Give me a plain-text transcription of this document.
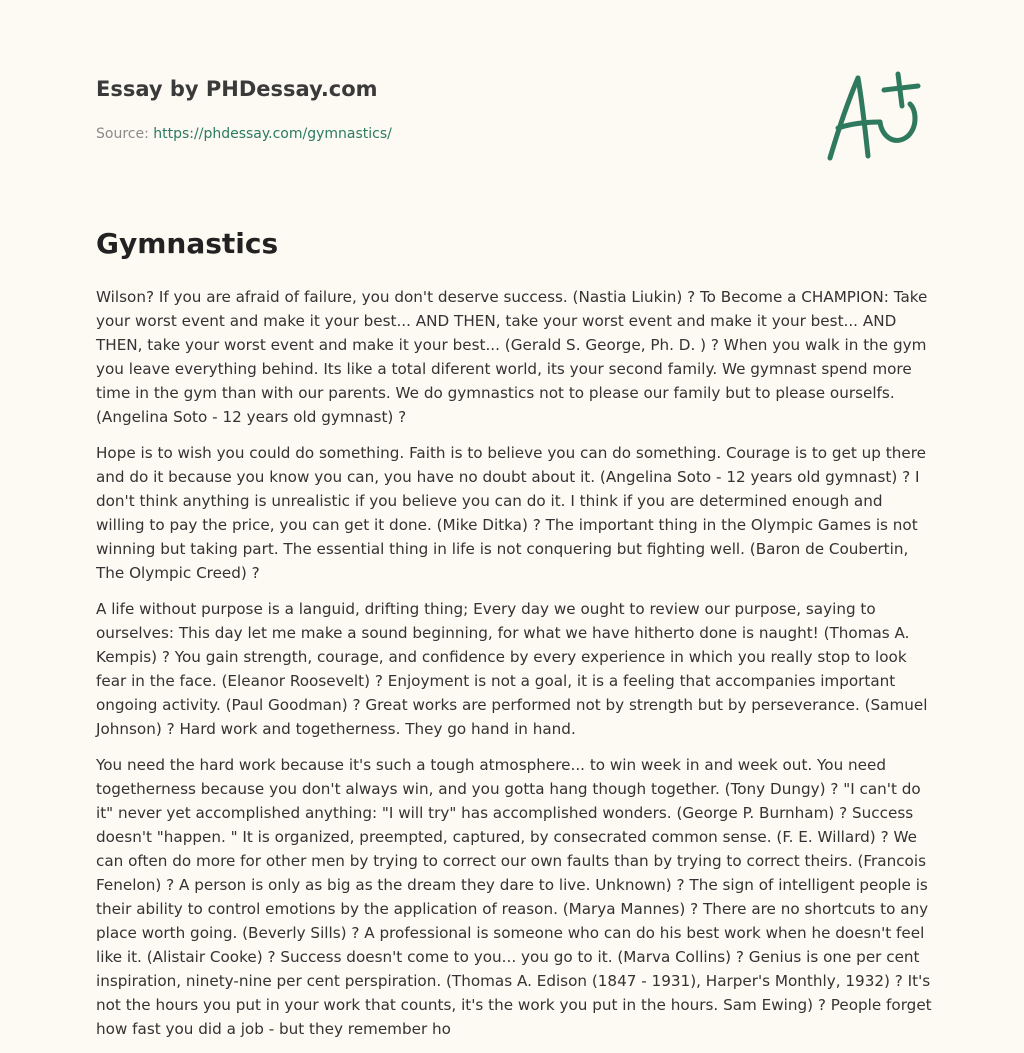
Essay by PHDessay.com
Source: https://phdessay.com/gymnastics/
Gymnastics

Wilson? If you are afraid of failure, you don't deserve success. (Nastia Liukin) ? To Become a CHAMPION: Take your worst event and make it your best... AND THEN, take your worst event and make it your best... AND THEN, take your worst event and make it your best... (Gerald S. George, Ph. D. ) ? When you walk in the gym you leave everything behind. Its like a total diferent world, its your second family. We gymnast spend more time in the gym than with our parents. We do gymnastics not to please our family but to please ourselfs. (Angelina Soto - 12 years old gymnast) ?

Hope is to wish you could do something. Faith is to believe you can do something. Courage is to get up there and do it because you know you can, you have no doubt about it. (Angelina Soto - 12 years old gymnast) ? I don't think anything is unrealistic if you believe you can do it. I think if you are determined enough and willing to pay the price, you can get it done. (Mike Ditka) ? The important thing in the Olympic Games is not winning but taking part. The essential thing in life is not conquering but fighting well. (Baron de Coubertin, The Olympic Creed) ?

A life without purpose is a languid, drifting thing; Every day we ought to review our purpose, saying to ourselves: This day let me make a sound beginning, for what we have hitherto done is naught! (Thomas A. Kempis) ? You gain strength, courage, and confidence by every experience in which you really stop to look fear in the face. (Eleanor Roosevelt) ? Enjoyment is not a goal, it is a feeling that accompanies important ongoing activity. (Paul Goodman) ? Great works are performed not by strength but by perseverance. (Samuel Johnson) ? Hard work and togetherness. They go hand in hand.

You need the hard work because it's such a tough atmosphere... to win week in and week out. You need togetherness because you don't always win, and you gotta hang though together. (Tony Dungy) ? "I can't do it" never yet accomplished anything: "I will try" has accomplished wonders. (George P. Burnham) ? Success doesn't "happen. " It is organized, preempted, captured, by consecrated common sense. (F. E. Willard) ? We can often do more for other men by trying to correct our own faults than by trying to correct theirs. (Francois Fenelon) ? A person is only as big as the dream they dare to live. Unknown) ? The sign of intelligent people is their ability to control emotions by the application of reason. (Marya Mannes) ? There are no shortcuts to any place worth going. (Beverly Sills) ? A professional is someone who can do his best work when he doesn't feel like it. (Alistair Cooke) ? Success doesn't come to you... you go to it. (Marva Collins) ? Genius is one per cent inspiration, ninety-nine per cent perspiration. (Thomas A. Edison (1847 - 1931), Harper's Monthly, 1932) ? It's not the hours you put in your work that counts, it's the work you put in the hours. Sam Ewing) ? People forget how fast you did a job - but they remember ho
